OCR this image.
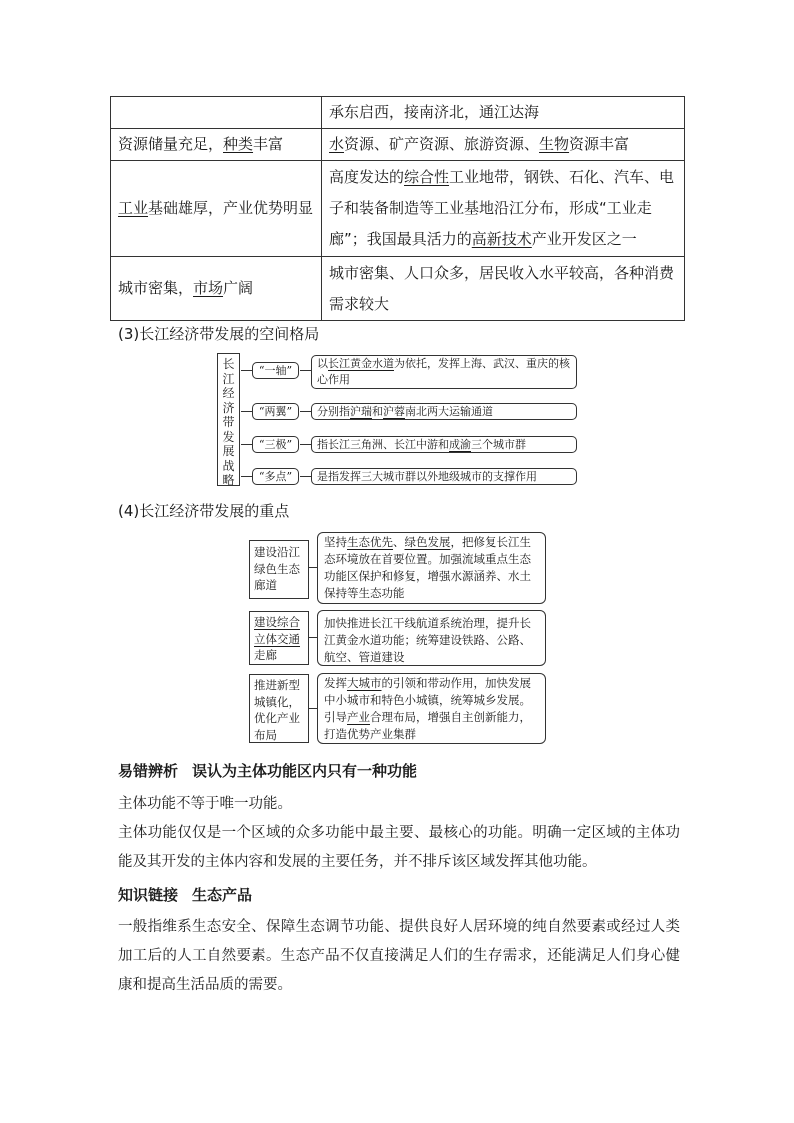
	承东启西，接南济北，通江达海
资源储量充足，种类丰富	水资源、矿产资源、旅游资源、生物资源丰富
工业基础雄厚，产业优势明显	高度发达的综合性工业地带，钢铁、石化、汽车、电子和装备制造等工业基地沿江分布，形成“工业走廊”；我国最具活力的高新技术产业开发区之一
城市密集，市场广阔	城市密集、人口众多，居民收入水平较高，各种消费需求较大
(3)长江经济带发展的空间格局
长江经济带发展战略
“一轴”
以长江黄金水道为依托，发挥上海、武汉、重庆的核心作用
“两翼”	分别指沪瑞和沪蓉南北两大运输通道
“三极”	指长江三角洲、长江中游和成渝三个城市群
“多点”	是指发挥三大城市群以外地级城市的支撑作用
(4)长江经济带发展的重点
建设沿江绿色生态廊道
坚持生态优先、绿色发展，把修复长江生态环境放在首要位置。加强流域重点生态功能区保护和修复，增强水源涵养、水土保持等生态功能
建设综合立体交通走廊
加快推进长江干线航道系统治理，提升长江黄金水道功能；统筹建设铁路、公路、航空、管道建设
推进新型城镇化，优化产业布局
发挥大城市的引领和带动作用，加快发展中小城市和特色小城镇，统筹城乡发展。引导产业合理布局，增强自主创新能力，打造优势产业集群
易错辨析 误认为主体功能区内只有一种功能
主体功能不等于唯一功能。
主体功能仅仅是一个区域的众多功能中最主要、最核心的功能。明确一定区域的主体功能及其开发的主体内容和发展的主要任务，并不排斥该区域发挥其他功能。
知识链接 生态产品
一般指维系生态安全、保障生态调节功能、提供良好人居环境的纯自然要素或经过人类加工后的人工自然要素。生态产品不仅直接满足人们的生存需求，还能满足人们身心健康和提高生活品质的需要。
